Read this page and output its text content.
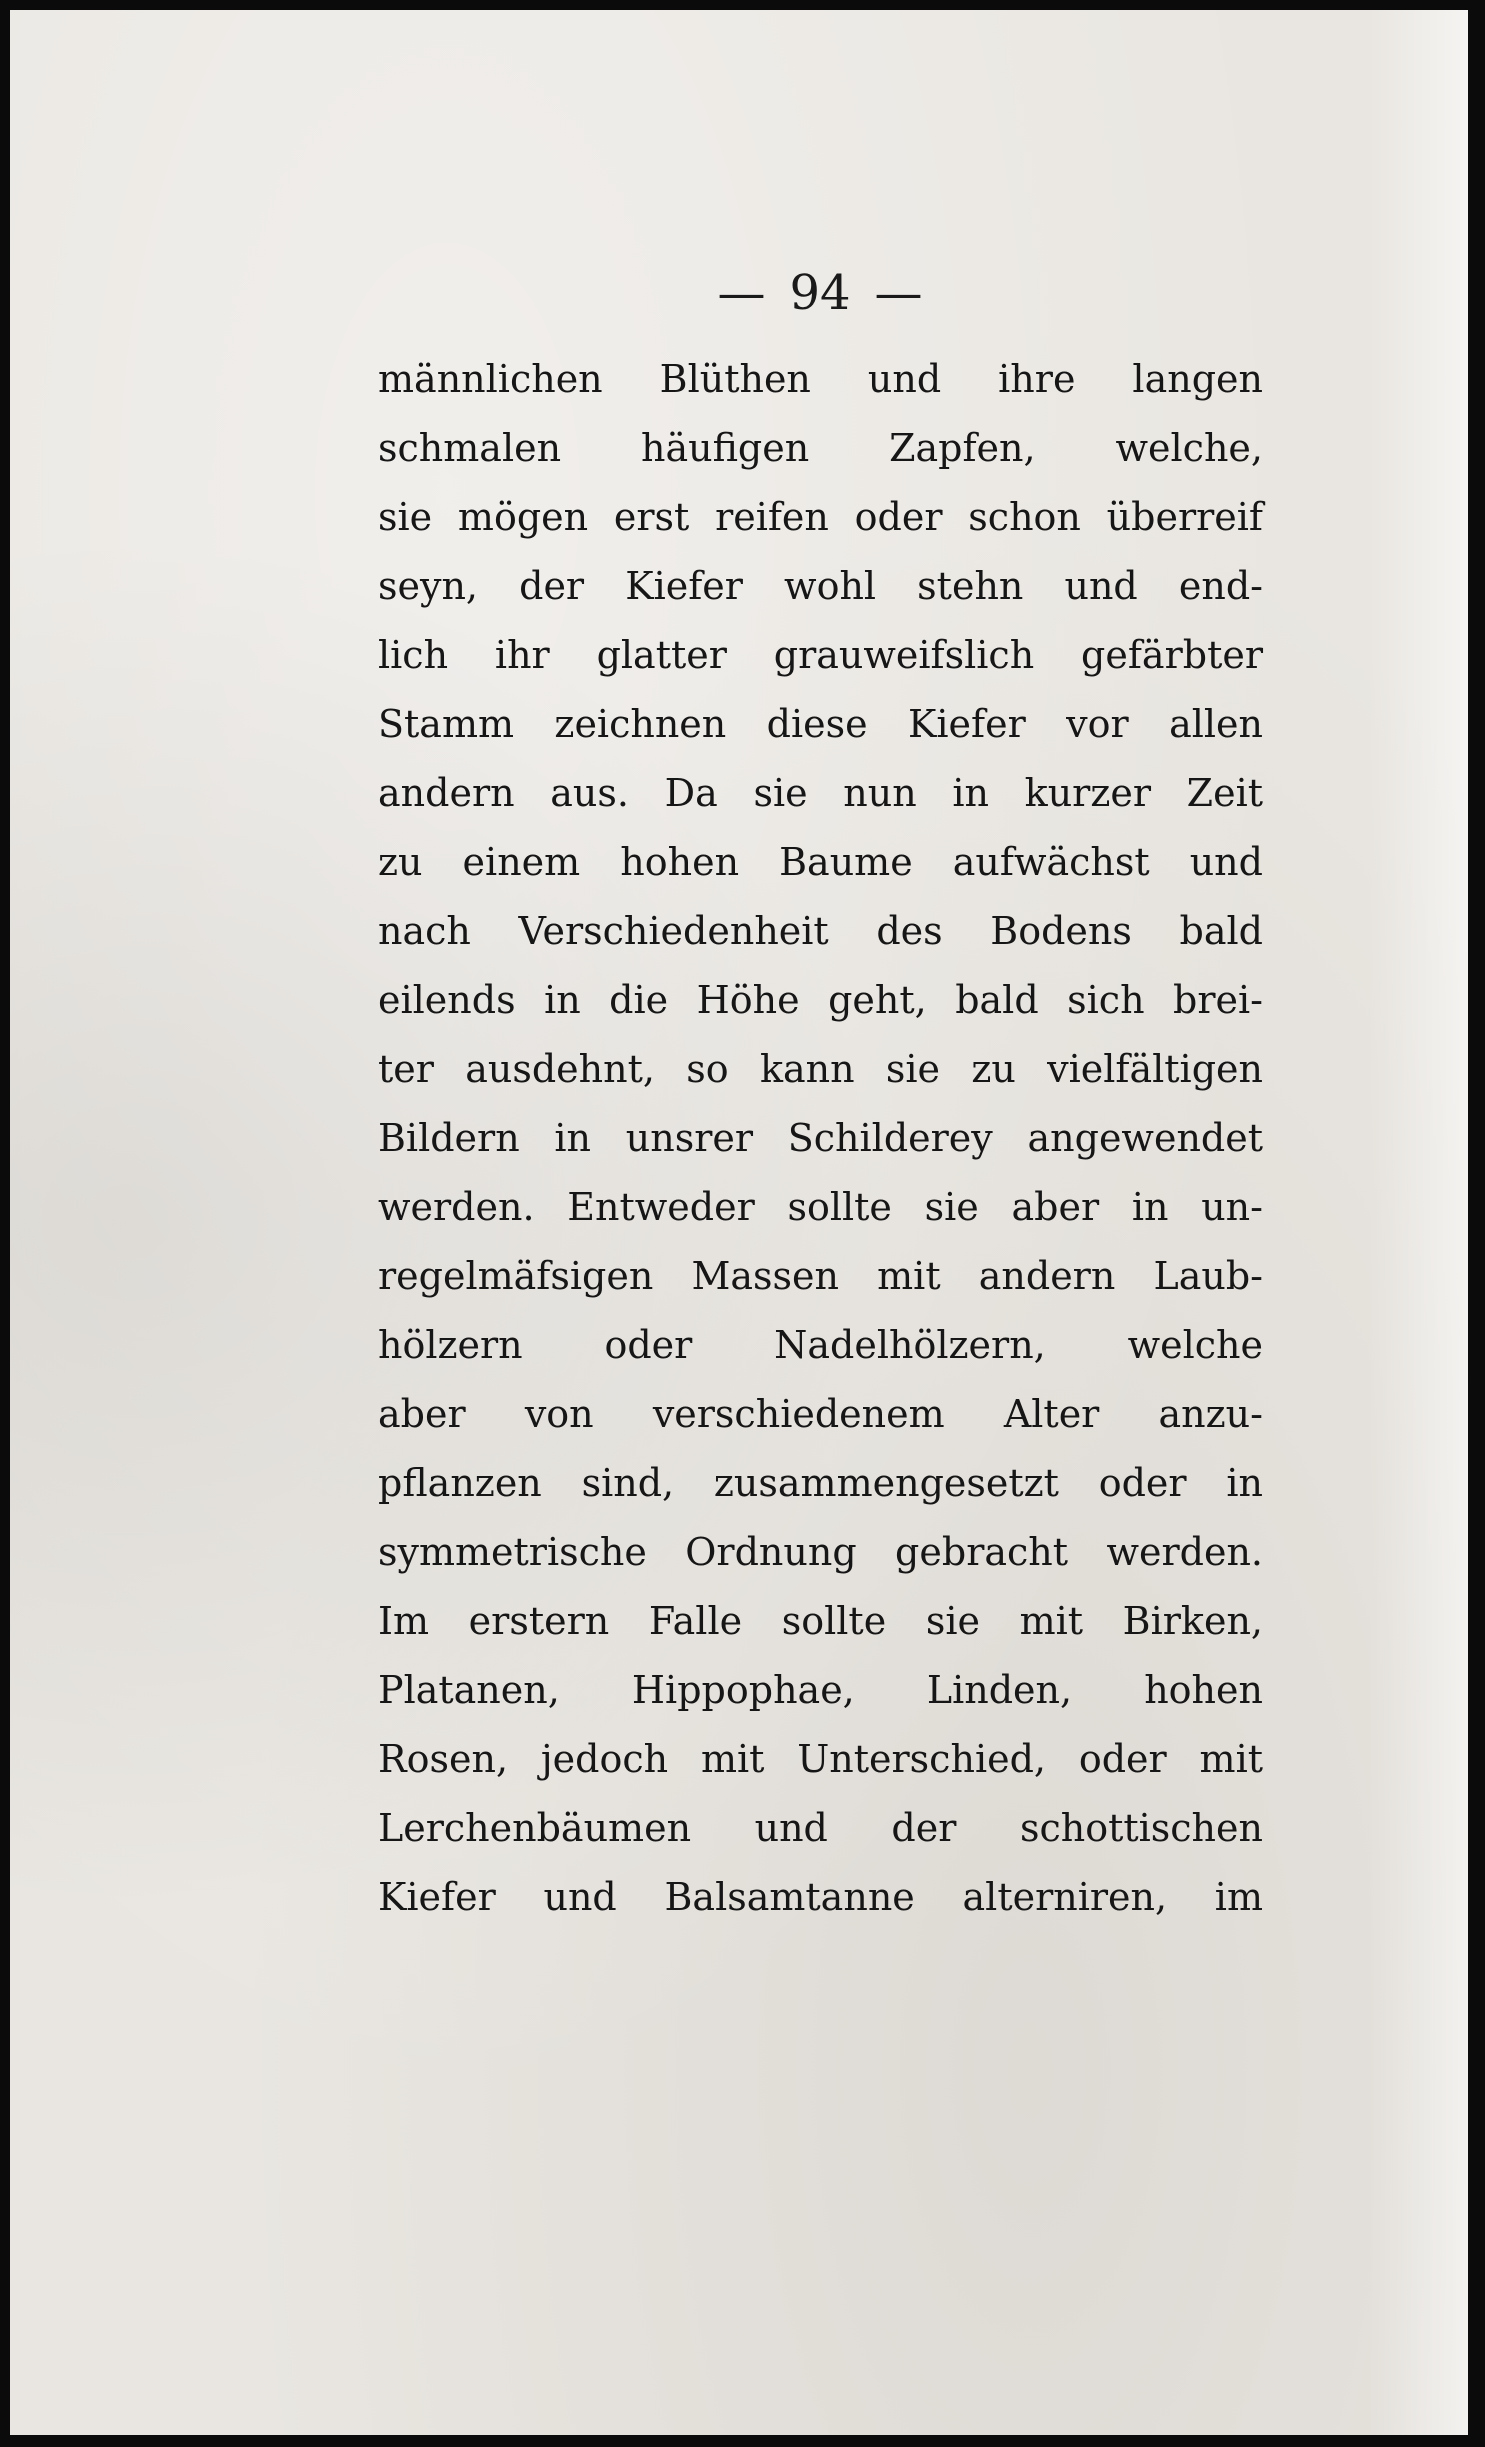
— 94 —
männlichen Blüthen und ihre langen
schmalen häufigen Zapfen, welche,
sie mögen erst reifen oder schon überreif
seyn, der Kiefer wohl stehn und end-
lich ihr glatter grauweifslich gefärbter
Stamm zeichnen diese Kiefer vor allen
andern aus. Da sie nun in kurzer Zeit
zu einem hohen Baume aufwächst und
nach Verschiedenheit des Bodens bald
eilends in die Höhe geht, bald sich brei-
ter ausdehnt, so kann sie zu vielfältigen
Bildern in unsrer Schilderey angewendet
werden. Entweder sollte sie aber in un-
regelmäfsigen Massen mit andern Laub-
hölzern oder Nadelhölzern, welche
aber von verschiedenem Alter anzu-
pflanzen sind, zusammengesetzt oder in
symmetrische Ordnung gebracht werden.
Im erstern Falle sollte sie mit Birken,
Platanen, Hippophae, Linden, hohen
Rosen, jedoch mit Unterschied, oder mit
Lerchenbäumen und der schottischen
Kiefer und Balsamtanne alterniren, im
